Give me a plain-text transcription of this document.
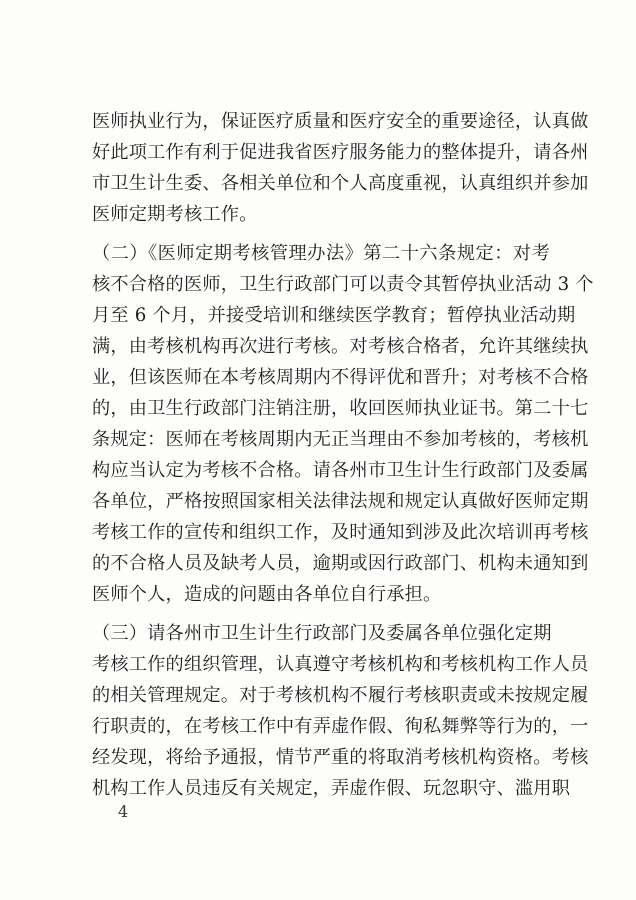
医师执业行为，保证医疗质量和医疗安全的重要途径，认真做
好此项工作有利于促进我省医疗服务能力的整体提升，请各州
市卫生计生委、各相关单位和个人高度重视，认真组织并参加
医师定期考核工作。

（二）《医师定期考核管理办法》第二十六条规定：对考
核不合格的医师，卫生行政部门可以责令其暂停执业活动 3 个
月至 6 个月，并接受培训和继续医学教育；暂停执业活动期
满，由考核机构再次进行考核。对考核合格者，允许其继续执
业，但该医师在本考核周期内不得评优和晋升；对考核不合格
的，由卫生行政部门注销注册，收回医师执业证书。第二十七
条规定：医师在考核周期内无正当理由不参加考核的，考核机
构应当认定为考核不合格。请各州市卫生计生行政部门及委属
各单位，严格按照国家相关法律法规和规定认真做好医师定期
考核工作的宣传和组织工作，及时通知到涉及此次培训再考核
的不合格人员及缺考人员，逾期或因行政部门、机构未通知到
医师个人，造成的问题由各单位自行承担。

（三）请各州市卫生计生行政部门及委属各单位强化定期
考核工作的组织管理，认真遵守考核机构和考核机构工作人员
的相关管理规定。对于考核机构不履行考核职责或未按规定履
行职责的，在考核工作中有弄虚作假、徇私舞弊等行为的，一
经发现，将给予通报，情节严重的将取消考核机构资格。考核
机构工作人员违反有关规定，弄虚作假、玩忽职守、滥用职

4
